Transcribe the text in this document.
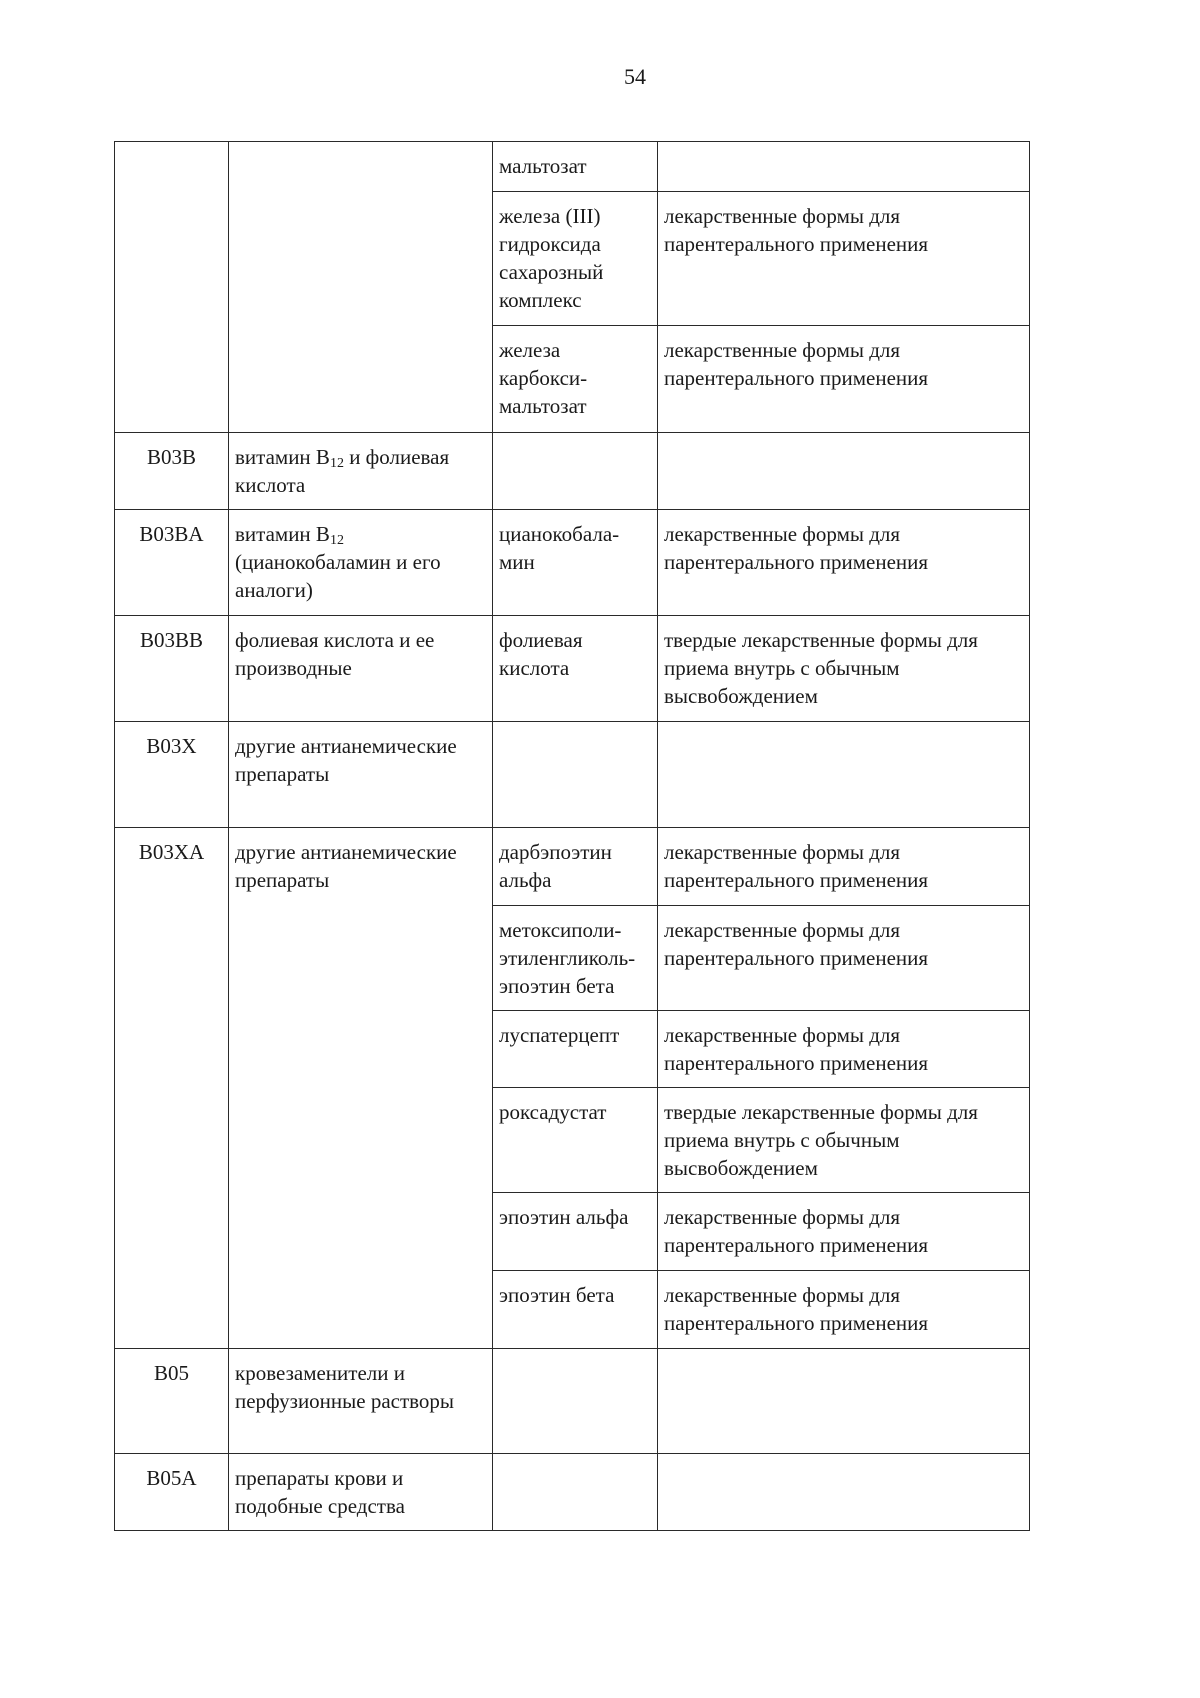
54
		мальтозат	
		железа (III) гидроксида сахарозный комплекс	лекарственные формы для парентерального применения
		железа карбокси-мальтозат	лекарственные формы для парентерального применения
B03B	витамин $B_{12}$ и фолиевая кислота		
B03BA	витамин $B_{12}$ (цианокобаламин и его аналоги)	цианокобала-мин	лекарственные формы для парентерального применения
B03BB	фолиевая кислота и ее производные	фолиевая кислота	твердые лекарственные формы для приема внутрь с обычным высвобождением
B03X	другие антианемические препараты		
B03XA	другие антианемические препараты	дарбэпоэтин альфа	лекарственные формы для парентерального применения
		метоксиполи-этиленгликоль-эпоэтин бета	лекарственные формы для парентерального применения
		луспатерцепт	лекарственные формы для парентерального применения
		роксадустат	твердые лекарственные формы для приема внутрь с обычным высвобождением
		эпоэтин альфа	лекарственные формы для парентерального применения
		эпоэтин бета	лекарственные формы для парентерального применения
B05	кровезаменители и перфузионные растворы		
B05A	препараты крови и подобные средства		
